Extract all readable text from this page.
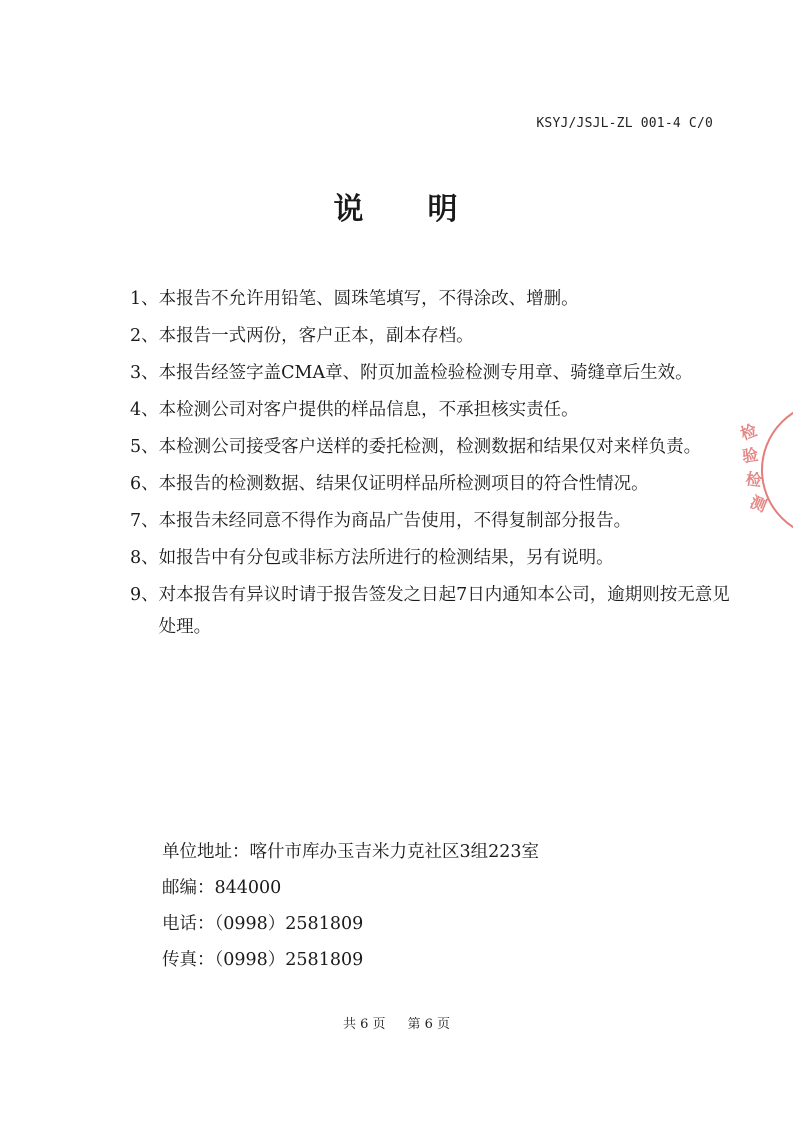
KSYJ/JSJL-ZL 001-4 C/0
说 明
1、 本报告不允许用铅笔、圆珠笔填写，不得涂改、增删。
2、 本报告一式两份，客户正本，副本存档。
3、 本报告经签字盖CMA章、附页加盖检验检测专用章、骑缝章后生效。
4、 本检测公司对客户提供的样品信息，不承担核实责任。
5、 本检测公司接受客户送样的委托检测，检测数据和结果仅对来样负责。
6、 本报告的检测数据、结果仅证明样品所检测项目的符合性情况。
7、 本报告未经同意不得作为商品广告使用，不得复制部分报告。
8、 如报告中有分包或非标方法所进行的检测结果，另有说明。
9、 对本报告有异议时请于报告签发之日起7日内通知本公司，逾期则按无意见处理。
单位地址：喀什市库办玉吉米力克社区3组223室
邮编：844000
电话：（0998）2581809
传真：（0998）2581809
共 6 页 第 6 页
检
验
检
测
